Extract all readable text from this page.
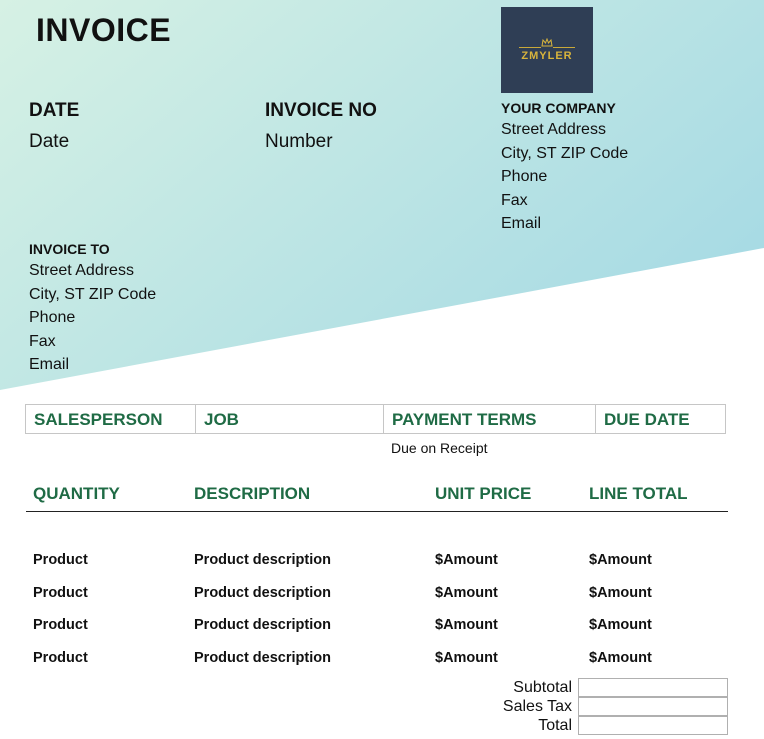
INVOICE
DATE
Date
INVOICE NO
Number
ZMYLER
YOUR COMPANY
Street Address
City, ST ZIP Code
Phone
Fax
Email
INVOICE TO
Street Address
City, ST ZIP Code
Phone
Fax
Email
SALESPERSON	JOB	PAYMENT TERMS	DUE DATE
Due on Receipt
QUANTITY	DESCRIPTION	UNIT PRICE	LINE TOTAL
Product	Product description	$Amount	$Amount
Product	Product description	$Amount	$Amount
Product	Product description	$Amount	$Amount
Product	Product description	$Amount	$Amount
Subtotal
Sales Tax
Total
